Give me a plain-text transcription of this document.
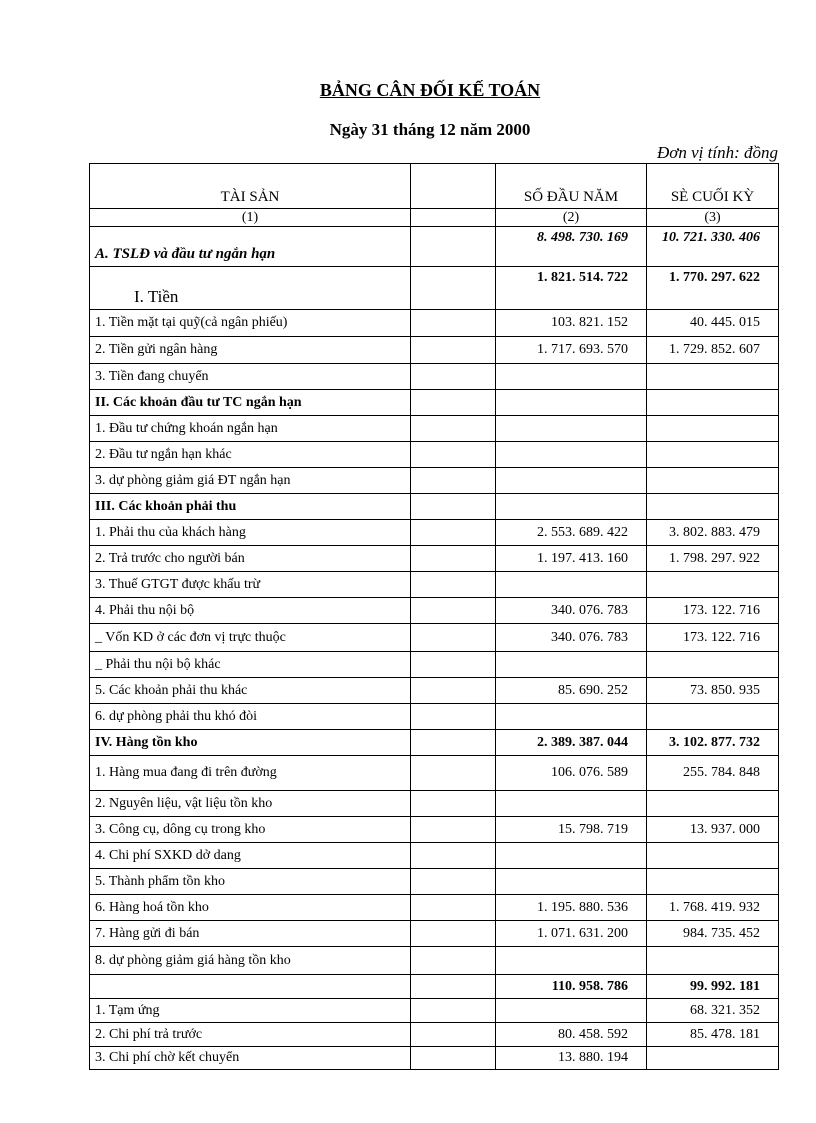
BẢNG CÂN ĐỐI KẾ TOÁN
Ngày 31 tháng 12 năm 2000
Đơn vị tính: đồng
TÀI SẢN		SỐ ĐẦU NĂM	SÈ CUỐI KỲ
(1)		(2)	(3)
A. TSLĐ và đầu tư ngắn hạn		8. 498. 730. 169	10. 721. 330. 406
I. Tiền		1. 821. 514. 722	1. 770. 297. 622
1. Tiền mặt tại quỹ(cả ngân phiếu)		103. 821. 152	40. 445. 015
2. Tiền gửi ngân hàng		1. 717. 693. 570	1. 729. 852. 607
3. Tiền đang chuyển			
II. Các khoản đầu tư TC ngắn hạn			
1. Đầu tư chứng khoán ngắn hạn			
2. Đầu tư ngắn hạn khác			
3. dự phòng giảm giá ĐT ngắn hạn			
III. Các khoản phải thu			
1. Phải thu của khách hàng		2. 553. 689. 422	3. 802. 883. 479
2. Trả trước cho người bán		1. 197. 413. 160	1. 798. 297. 922
3. Thuế GTGT được khấu trừ			
4. Phải thu nội bộ		340. 076. 783	173. 122. 716
_ Vốn KD ở các đơn vị trực thuộc		340. 076. 783	173. 122. 716
_ Phải thu nội bộ khác			
5. Các khoản phải thu khác		85. 690. 252	73. 850. 935
6. dự phòng phải thu khó đòi			
IV. Hàng tồn kho		2. 389. 387. 044	3. 102. 877. 732
1. Hàng mua đang đi trên đường		106. 076. 589	255. 784. 848
2. Nguyên liệu, vật liệu tồn kho			
3. Công cụ, dông cụ trong kho		15. 798. 719	13. 937. 000
4. Chi phí SXKD dở dang			
5. Thành phẩm tồn kho			
6. Hàng hoá tồn kho		1. 195. 880. 536	1. 768. 419. 932
7. Hàng gửi đi bán		1. 071. 631. 200	984. 735. 452
8. dự phòng giảm giá hàng tồn kho			
		110. 958. 786	99. 992. 181
1. Tạm ứng			68. 321. 352
2. Chi phí trả trước		80. 458. 592	85. 478. 181
3. Chi phí chờ kết chuyển		13. 880. 194	
